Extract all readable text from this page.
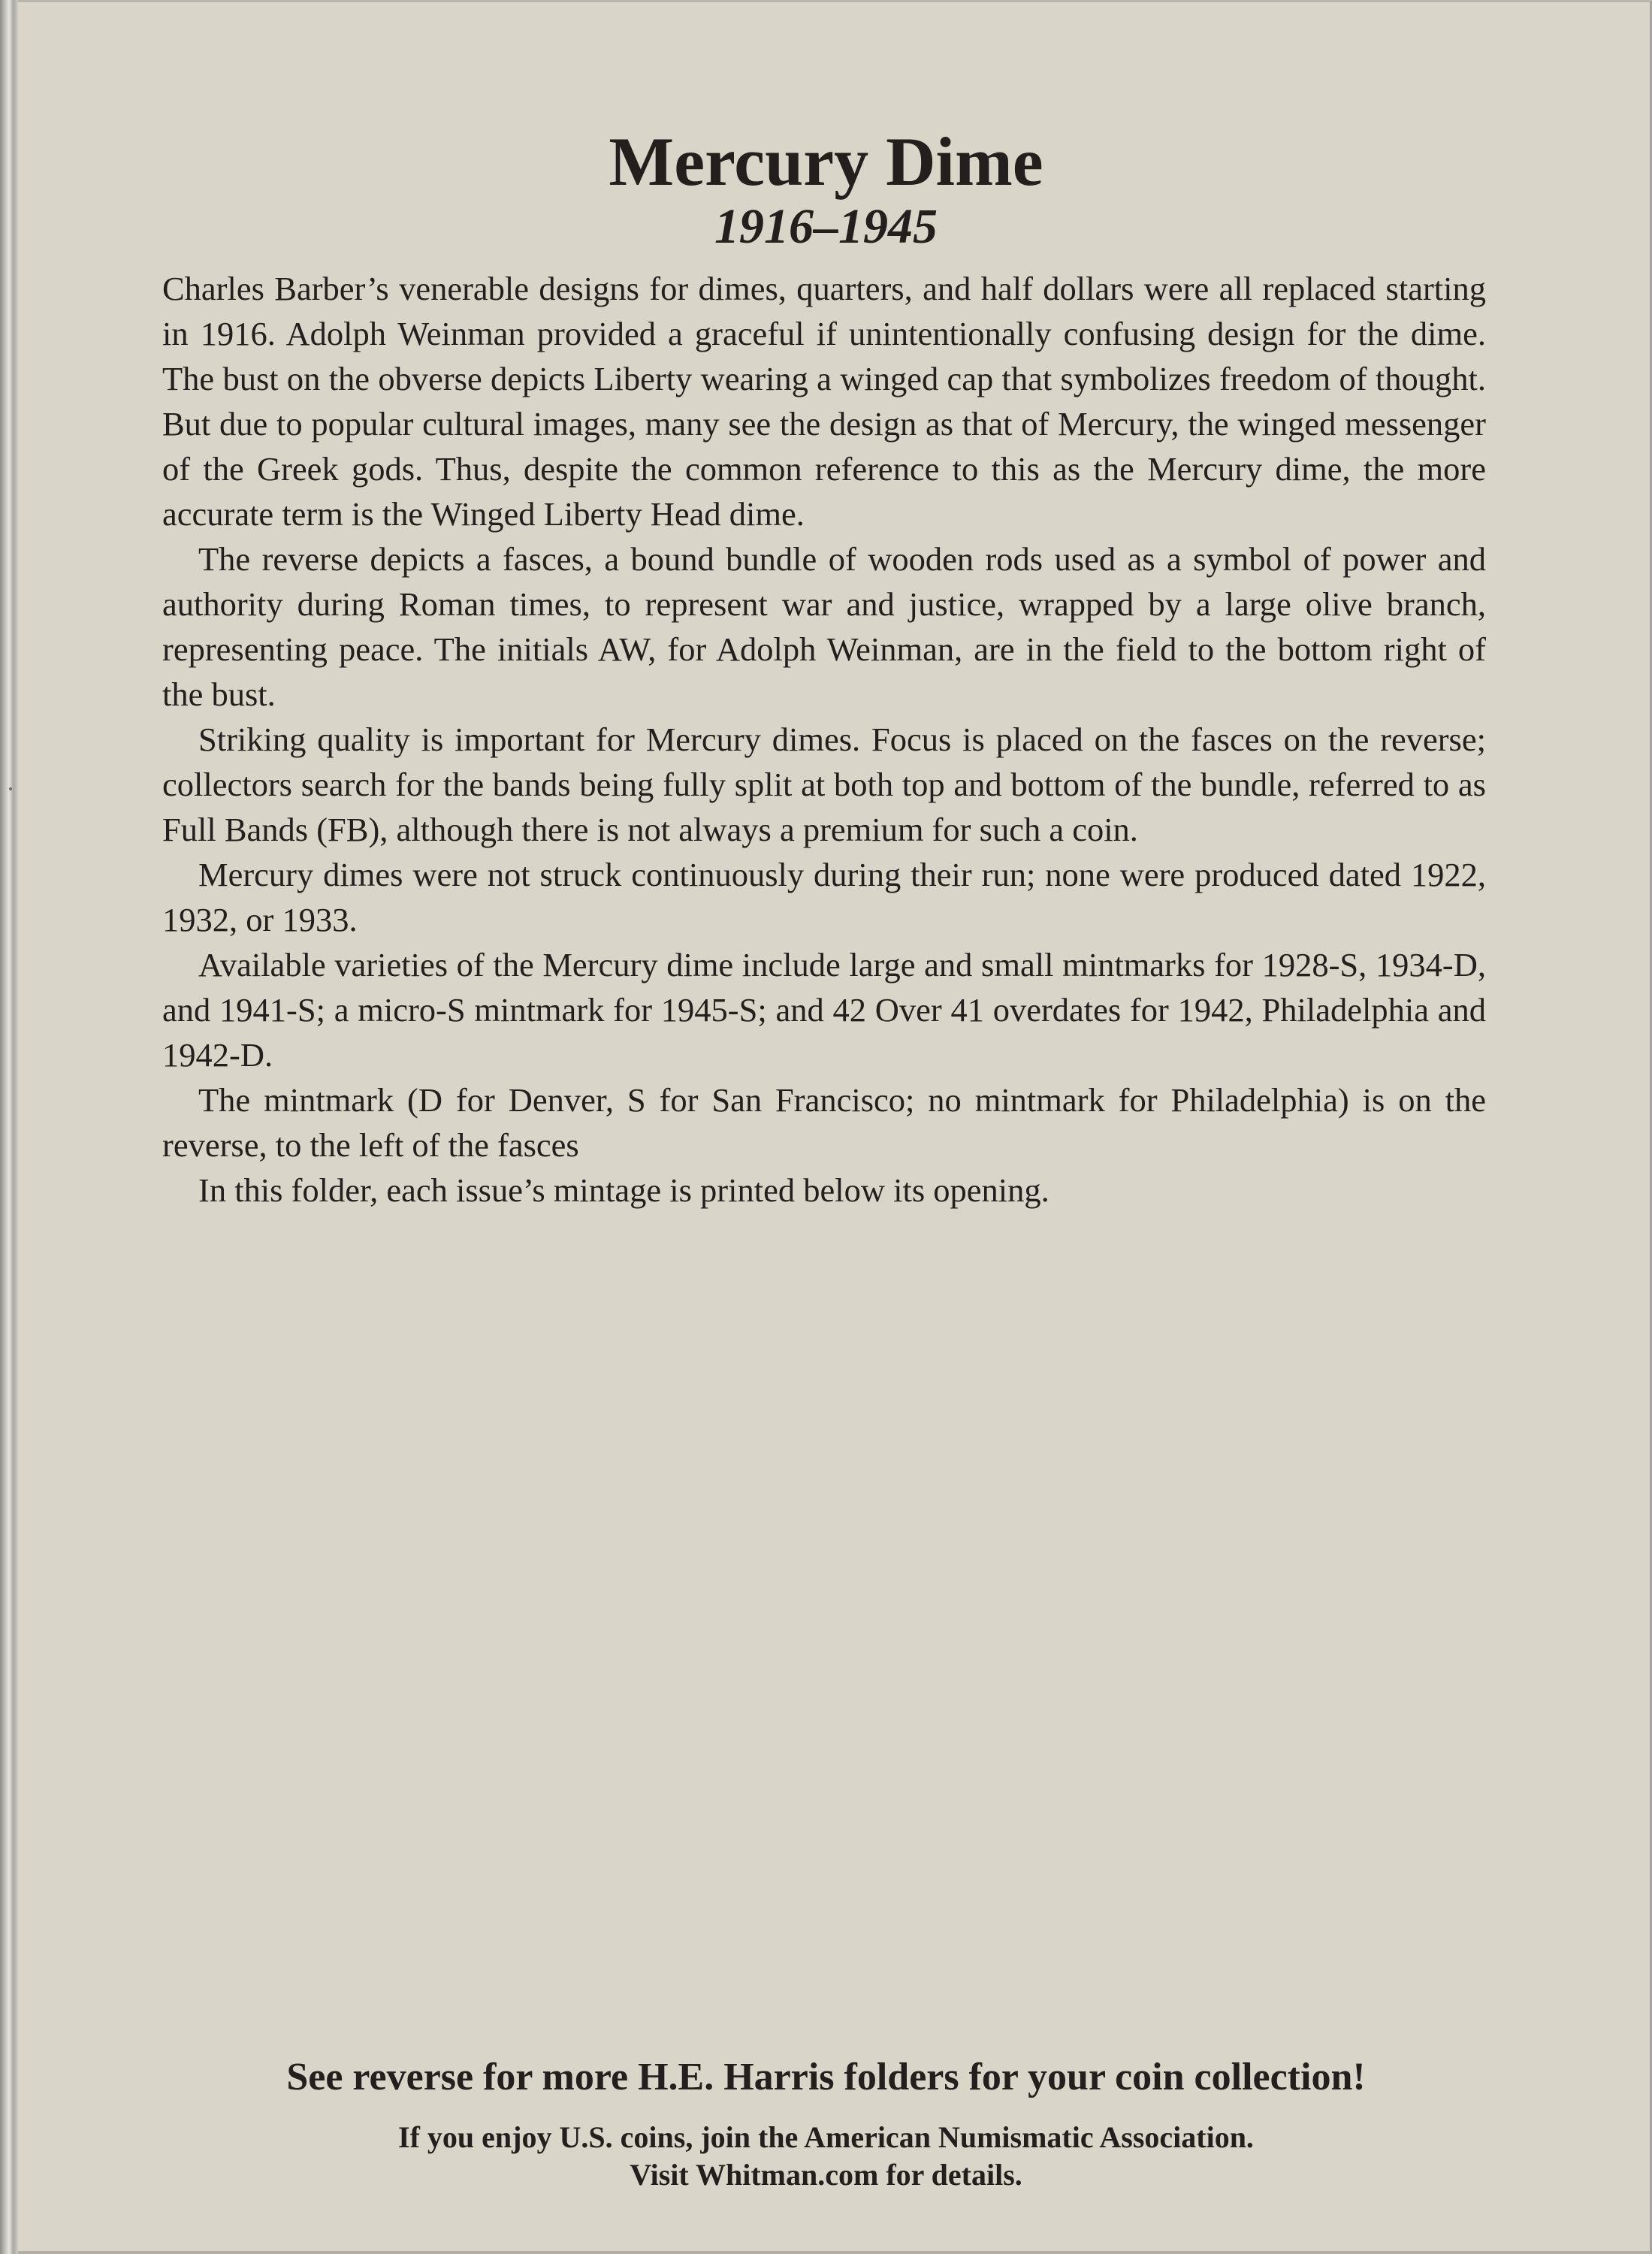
Mercury Dime
1916–1945

Charles Barber’s venerable designs for dimes, quarters, and half dollars were all replaced starting in 1916. Adolph Weinman provided a graceful if unintentionally confusing design for the dime. The bust on the obverse depicts Liberty wearing a winged cap that symbolizes freedom of thought. But due to popular cultural images, many see the design as that of Mercury, the winged messenger of the Greek gods. Thus, despite the common reference to this as the Mercury dime, the more accurate term is the Winged Liberty Head dime.

The reverse depicts a fasces, a bound bundle of wooden rods used as a symbol of power and authority during Roman times, to represent war and justice, wrapped by a large olive branch, representing peace. The initials AW, for Adolph Weinman, are in the field to the bottom right of the bust.

Striking quality is important for Mercury dimes. Focus is placed on the fasces on the reverse; collectors search for the bands being fully split at both top and bottom of the bundle, referred to as Full Bands (FB), although there is not always a premium for such a coin.

Mercury dimes were not struck continuously during their run; none were produced dated 1922, 1932, or 1933.

Available varieties of the Mercury dime include large and small mintmarks for 1928-S, 1934-D, and 1941-S; a micro-S mintmark for 1945-S; and 42 Over 41 overdates for 1942, Philadelphia and 1942-D.

The mintmark (D for Denver, S for San Francisco; no mintmark for Philadelphia) is on the reverse, to the left of the fasces

In this folder, each issue’s mintage is printed below its opening.

See reverse for more H.E. Harris folders for your coin collection!
If you enjoy U.S. coins, join the American Numismatic Association.
Visit Whitman.com for details.
